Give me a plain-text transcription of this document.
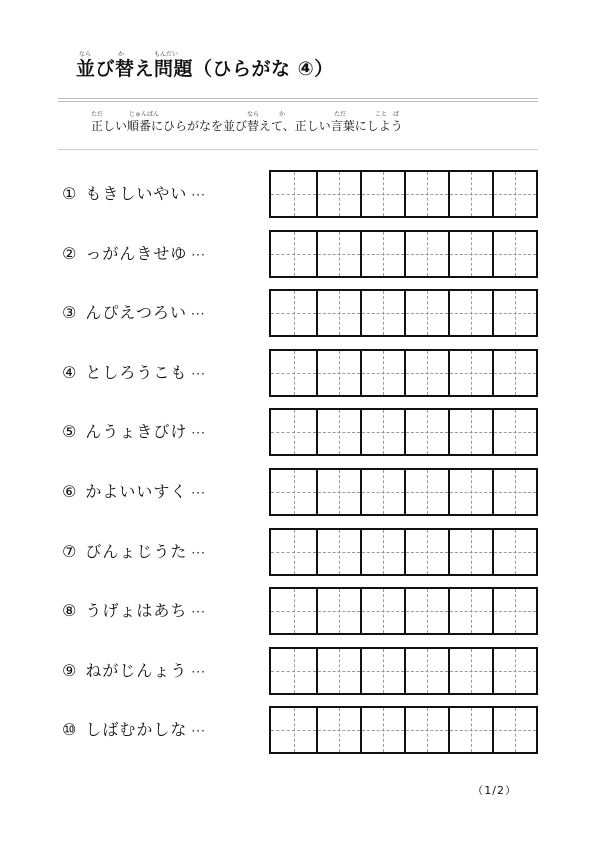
なら	か	もんだい
並び替え問題（ひらがな ④）
ただ	じゅんばん	なら	か	ただ	こと ば
正しい順番にひらがなを並び替えて、正しい言葉にしよう
① もきしいやい ···
② っがんきせゆ ···
③ んぴえつろい ···
④ としろうこも ···
⑤ んうょきびけ ···
⑥ かよいいすく ···
⑦ びんょじうた ···
⑧ うげょはあち ···
⑨ ねがじんょう ···
⑩ しばむかしな ···
（1/2）
